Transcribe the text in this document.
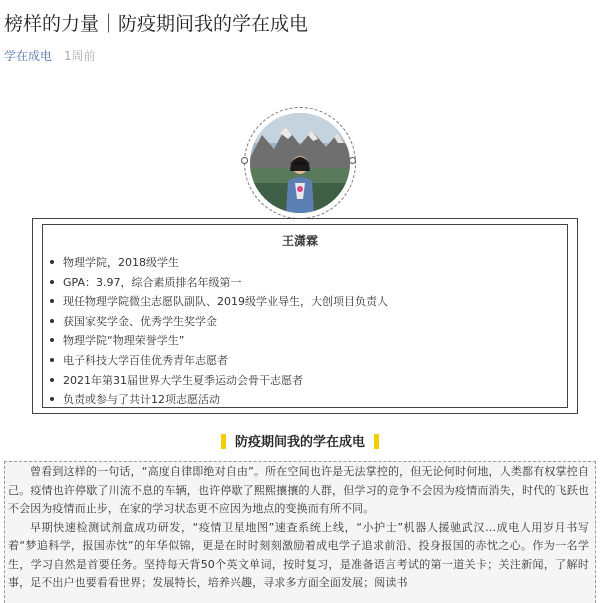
榜样的力量｜防疫期间我的学在成电
学在成电 1周前
王潇霖
物理学院，2018级学生
GPA：3.97，综合素质排名年级第一
现任物理学院微尘志愿队副队、2019级学业导生，大创项目负责人
获国家奖学金、优秀学生奖学金
物理学院“物理荣誉学生”
电子科技大学百佳优秀青年志愿者
2021年第31届世界大学生夏季运动会骨干志愿者
负责或参与了共计12项志愿活动
防疫期间我的学在成电

曾看到这样的一句话，“高度自律即绝对自由”。所在空间也许是无法掌控的，但无论何时何地，人类都有权掌控自己。疫情也许停歇了川流不息的车辆，也许停歇了熙熙攘攘的人群，但学习的竞争不会因为疫情而消失，时代的飞跃也不会因为疫情而止步，在家的学习状态更不应因为地点的变换而有所不同。

早期快速检测试剂盒成功研发，“疫情卫星地图”速查系统上线，“小护士”机器人援驰武汉…成电人用岁月书写着“梦追科学，报国赤忱”的年华似锦，更是在时时刻刻激励着成电学子追求前沿、投身报国的赤忱之心。作为一名学生，学习自然是首要任务。坚持每天背50个英文单词，按时复习，是准备语言考试的第一道关卡；关注新闻，了解时事，足不出户也要看看世界；发展特长，培养兴趣，寻求多方面全面发展；阅读书
